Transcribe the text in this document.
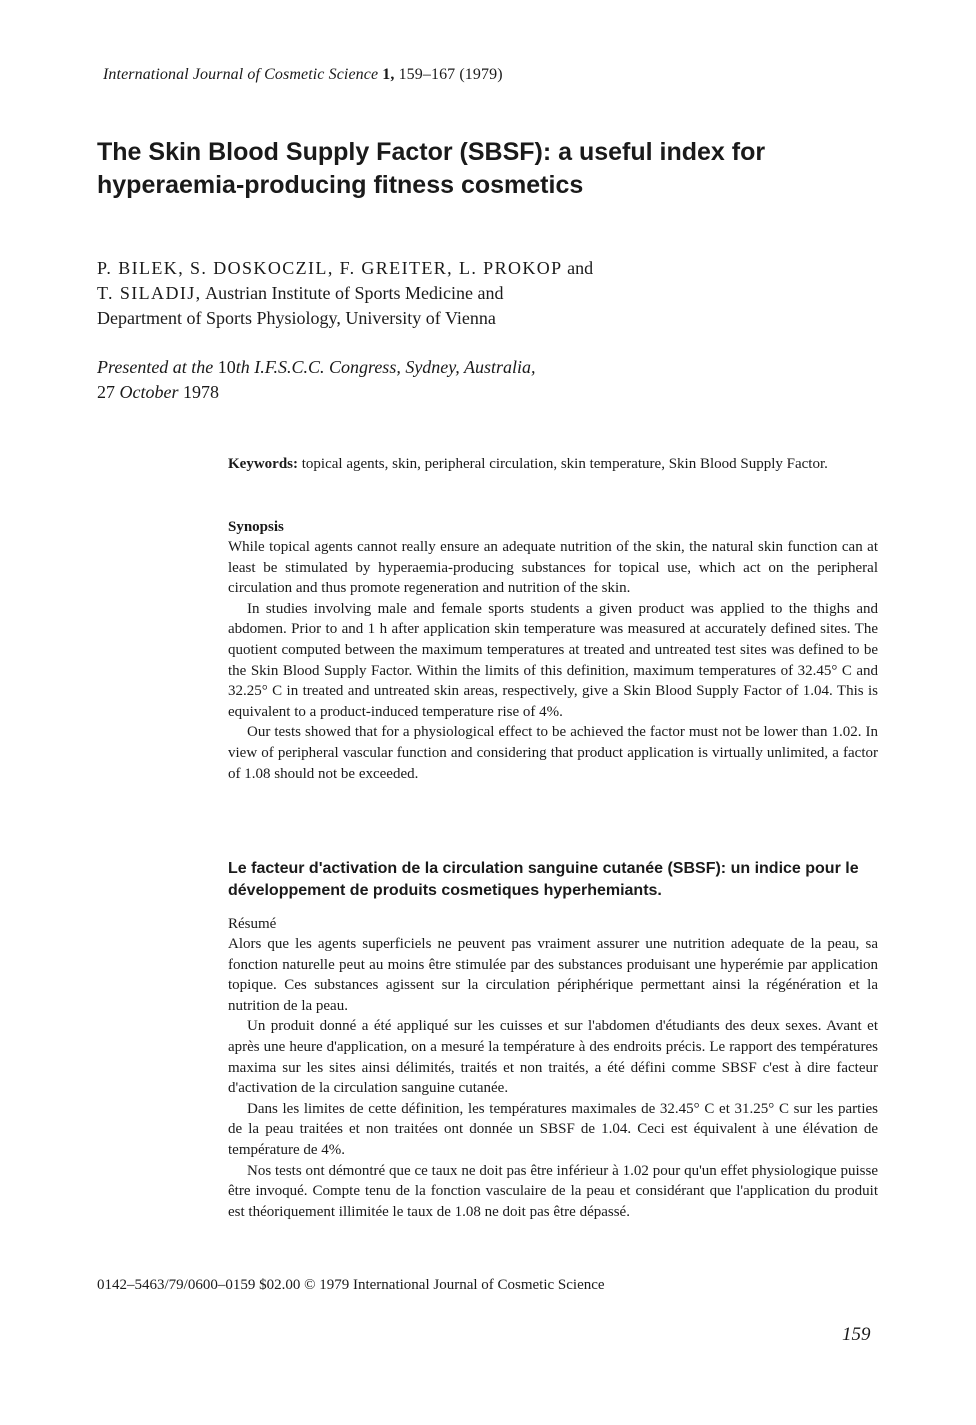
International Journal of Cosmetic Science 1, 159–167 (1979)
The Skin Blood Supply Factor (SBSF): a useful index for hyperaemia-producing fitness cosmetics
P. BILEK, S. DOSKOCZIL, F. GREITER, L. PROKOP and
T. SILADIJ, Austrian Institute of Sports Medicine and
Department of Sports Physiology, University of Vienna
Presented at the 10th I.F.S.C.C. Congress, Sydney, Australia,
27 October 1978

Keywords: topical agents, skin, peripheral circulation, skin temperature, Skin Blood Supply Factor.

Synopsis

While topical agents cannot really ensure an adequate nutrition of the skin, the natural skin function can at least be stimulated by hyperaemia-producing substances for topical use, which act on the peripheral circulation and thus promote regeneration and nutrition of the skin.

In studies involving male and female sports students a given product was applied to the thighs and abdomen. Prior to and 1 h after application skin temperature was measured at accurately defined sites. The quotient computed between the maximum temperatures at treated and untreated test sites was defined to be the Skin Blood Supply Factor. Within the limits of this definition, maximum temperatures of 32.45° C and 32.25° C in treated and untreated skin areas, respectively, give a Skin Blood Supply Factor of 1.04. This is equivalent to a product-induced temperature rise of 4%.

Our tests showed that for a physiological effect to be achieved the factor must not be lower than 1.02. In view of peripheral vascular function and considering that product application is virtually unlimited, a factor of 1.08 should not be exceeded.

Le facteur d'activation de la circulation sanguine cutanée (SBSF): un indice pour le développement de produits cosmetiques hyperhemiants.

Résumé

Alors que les agents superficiels ne peuvent pas vraiment assurer une nutrition adequate de la peau, sa fonction naturelle peut au moins être stimulée par des substances produisant une hyperémie par application topique. Ces substances agissent sur la circulation périphérique permettant ainsi la régénération et la nutrition de la peau.

Un produit donné a été appliqué sur les cuisses et sur l'abdomen d'étudiants des deux sexes. Avant et après une heure d'application, on a mesuré la température à des endroits précis. Le rapport des températures maxima sur les sites ainsi délimités, traités et non traités, a été défini comme SBSF c'est à dire facteur d'activation de la circulation sanguine cutanée.

Dans les limites de cette définition, les températures maximales de 32.45° C et 31.25° C sur les parties de la peau traitées et non traitées ont donnée un SBSF de 1.04. Ceci est équivalent à une élévation de température de 4%.

Nos tests ont démontré que ce taux ne doit pas être inférieur à 1.02 pour qu'un effet physiologique puisse être invoqué. Compte tenu de la fonction vasculaire de la peau et considérant que l'application du produit est théoriquement illimitée le taux de 1.08 ne doit pas être dépassé.

0142–5463/79/0600–0159 $02.00 © 1979 International Journal of Cosmetic Science
159
